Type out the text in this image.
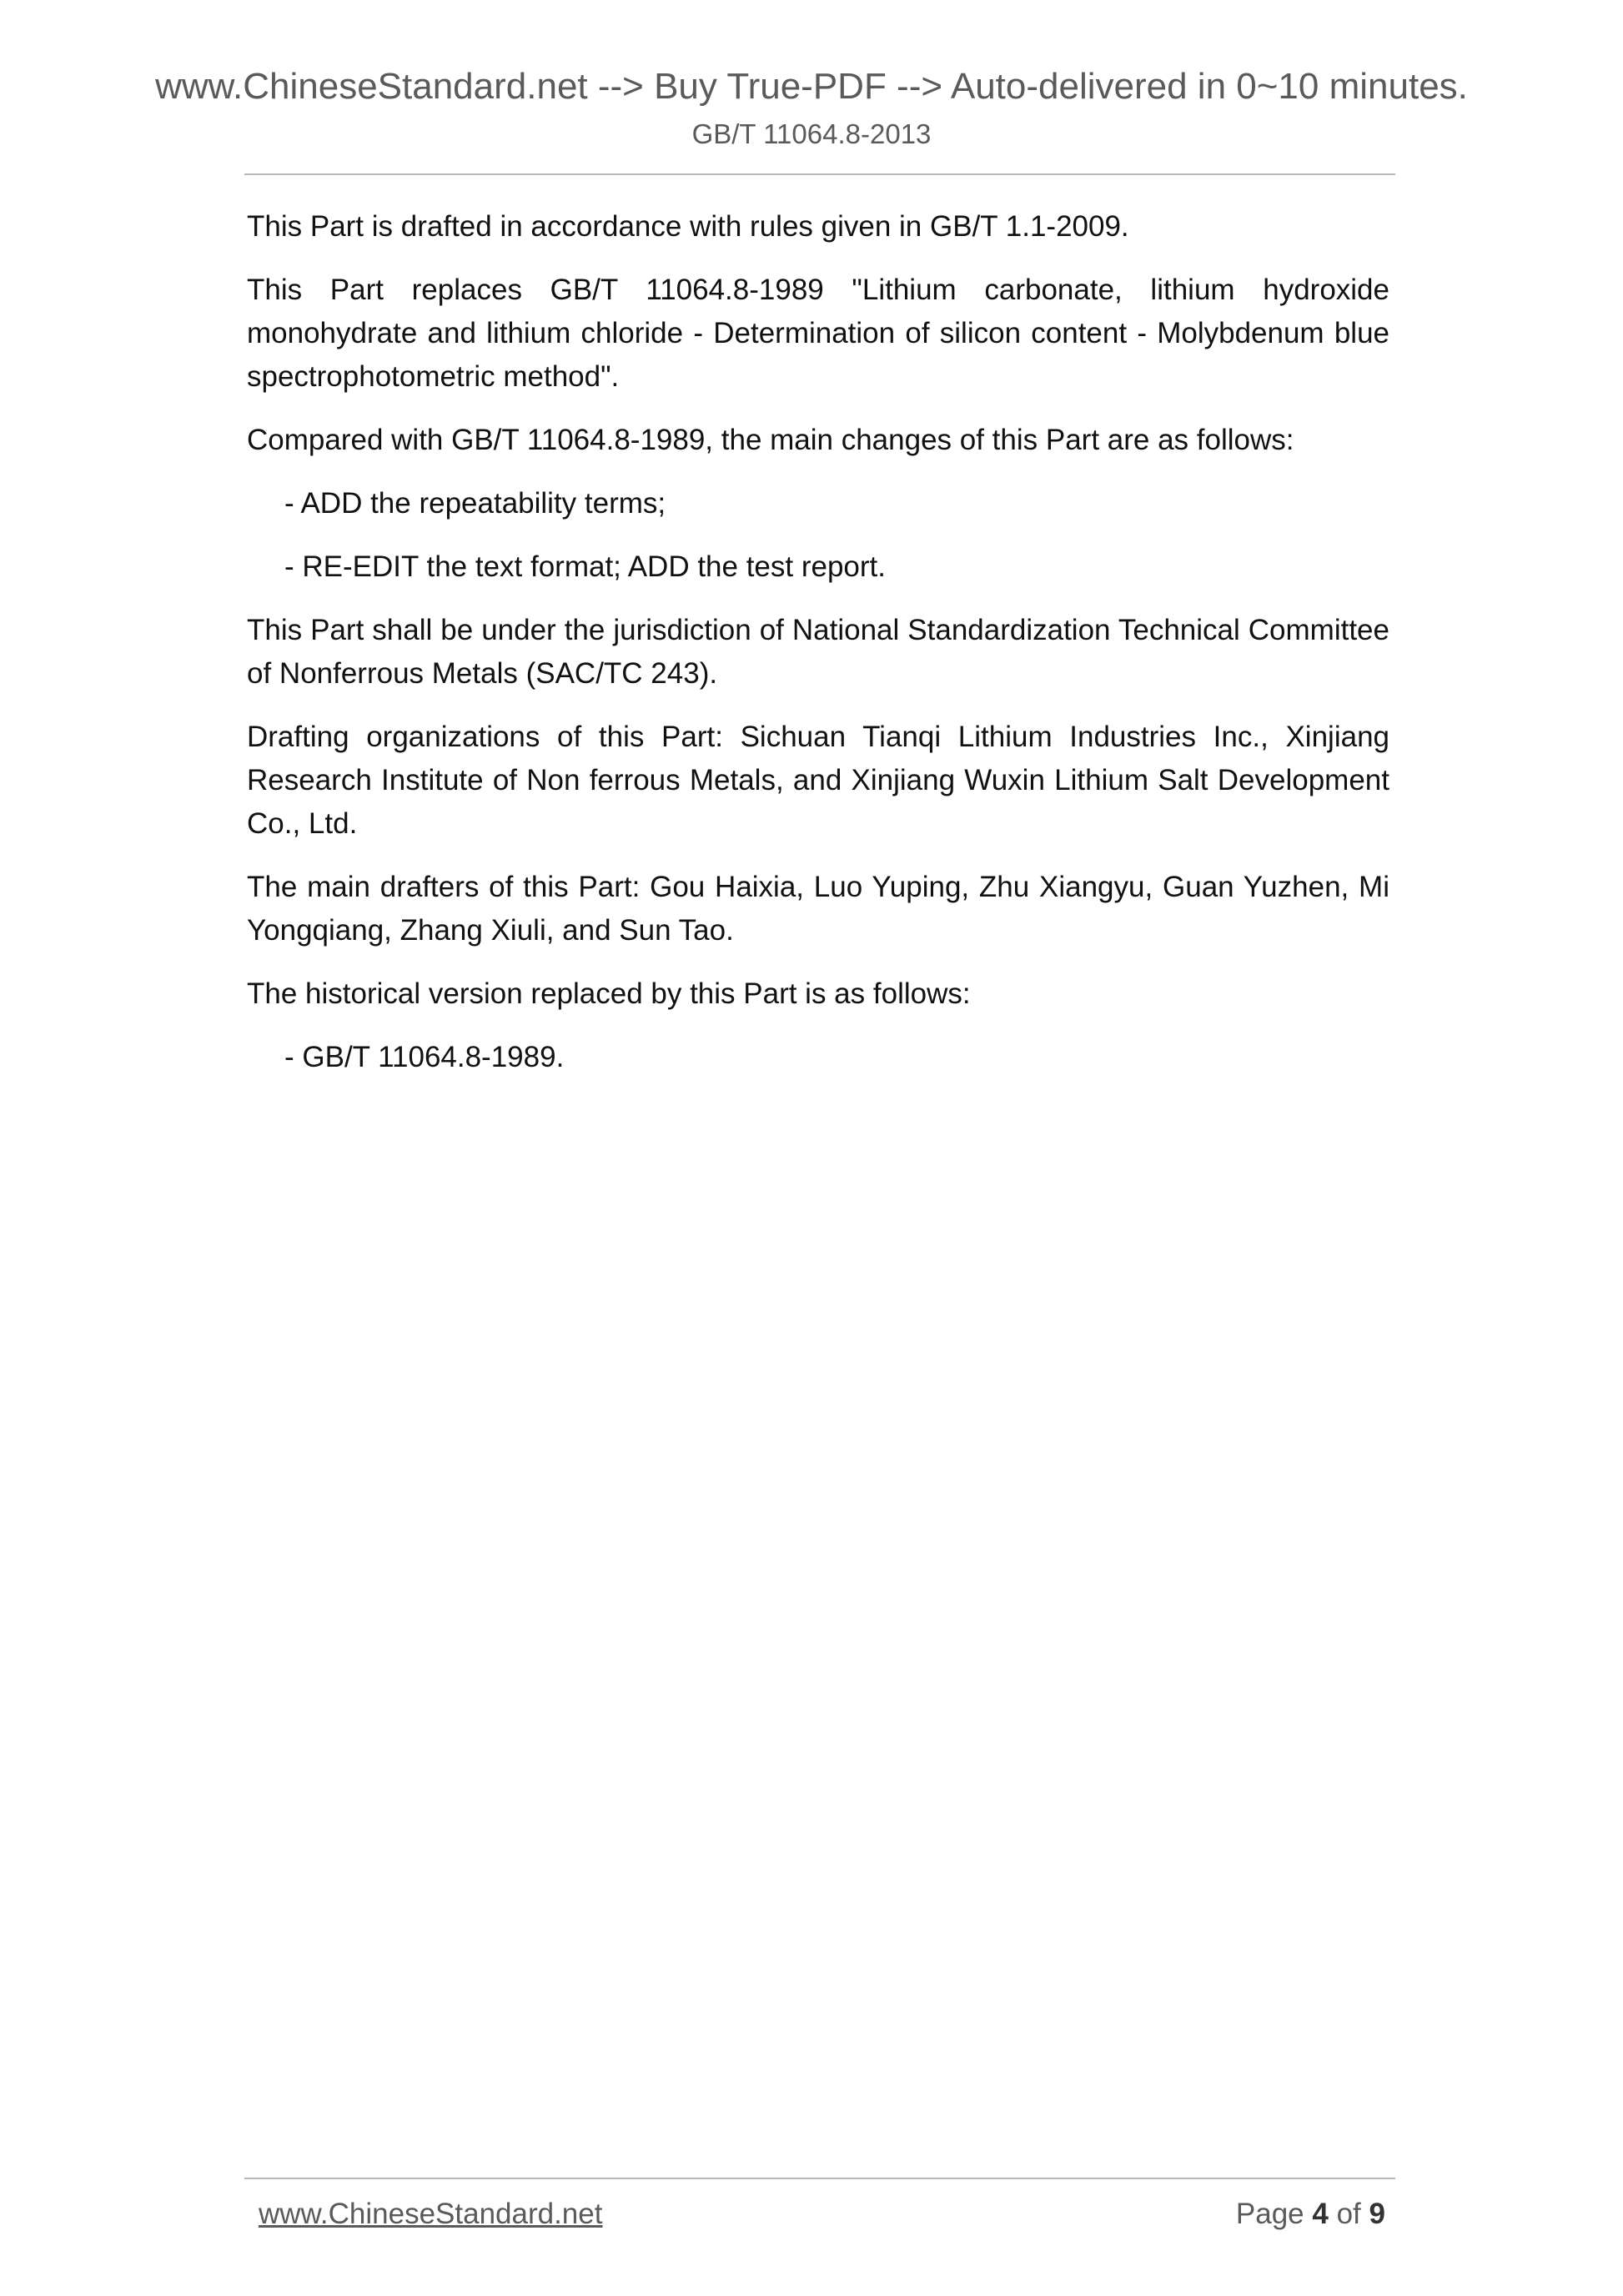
www.ChineseStandard.net --> Buy True-PDF --> Auto-delivered in 0~10 minutes.
GB/T 11064.8-2013

This Part is drafted in accordance with rules given in GB/T 1.1-2009.

This Part replaces GB/T 11064.8-1989 "Lithium carbonate, lithium hydroxide monohydrate and lithium chloride - Determination of silicon content - Molybdenum blue spectrophotometric method".

Compared with GB/T 11064.8-1989, the main changes of this Part are as follows:

- ADD the repeatability terms;

- RE-EDIT the text format; ADD the test report.

This Part shall be under the jurisdiction of National Standardization Technical Committee of Nonferrous Metals (SAC/TC 243).

Drafting organizations of this Part: Sichuan Tianqi Lithium Industries Inc., Xinjiang Research Institute of Non ferrous Metals, and Xinjiang Wuxin Lithium Salt Development Co., Ltd.

The main drafters of this Part: Gou Haixia, Luo Yuping, Zhu Xiangyu, Guan Yuzhen, Mi Yongqiang, Zhang Xiuli, and Sun Tao.

The historical version replaced by this Part is as follows:

- GB/T 11064.8-1989.

www.ChineseStandard.net	Page 4 of 9
